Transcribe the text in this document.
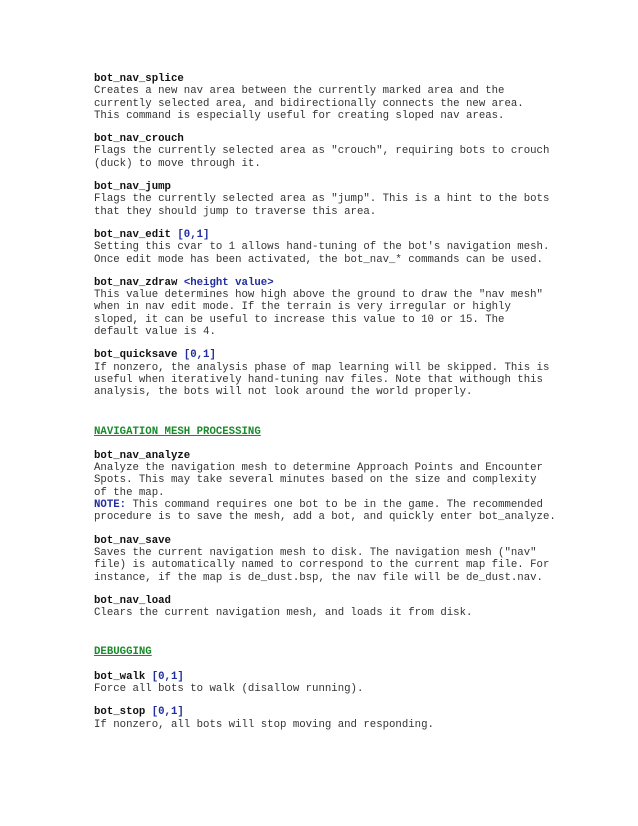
bot_nav_splice
Creates a new nav area between the currently marked area and the
currently selected area, and bidirectionally connects the new area.
This command is especially useful for creating sloped nav areas.
bot_nav_crouch
Flags the currently selected area as "crouch", requiring bots to crouch
(duck) to move through it.
bot_nav_jump
Flags the currently selected area as "jump". This is a hint to the bots
that they should jump to traverse this area.
bot_nav_edit [0,1]
Setting this cvar to 1 allows hand-tuning of the bot's navigation mesh.
Once edit mode has been activated, the bot_nav_* commands can be used.
bot_nav_zdraw <height value>
This value determines how high above the ground to draw the "nav mesh"
when in nav edit mode. If the terrain is very irregular or highly
sloped, it can be useful to increase this value to 10 or 15. The
default value is 4.
bot_quicksave [0,1]
If nonzero, the analysis phase of map learning will be skipped. This is
useful when iteratively hand-tuning nav files. Note that withough this
analysis, the bots will not look around the world properly.
NAVIGATION MESH PROCESSING
bot_nav_analyze
Analyze the navigation mesh to determine Approach Points and Encounter
Spots. This may take several minutes based on the size and complexity
of the map.
NOTE: This command requires one bot to be in the game. The recommended
procedure is to save the mesh, add a bot, and quickly enter bot_analyze.
bot_nav_save
Saves the current navigation mesh to disk. The navigation mesh ("nav"
file) is automatically named to correspond to the current map file. For
instance, if the map is de_dust.bsp, the nav file will be de_dust.nav.
bot_nav_load
Clears the current navigation mesh, and loads it from disk.
DEBUGGING
bot_walk [0,1]
Force all bots to walk (disallow running).
bot_stop [0,1]
If nonzero, all bots will stop moving and responding.
